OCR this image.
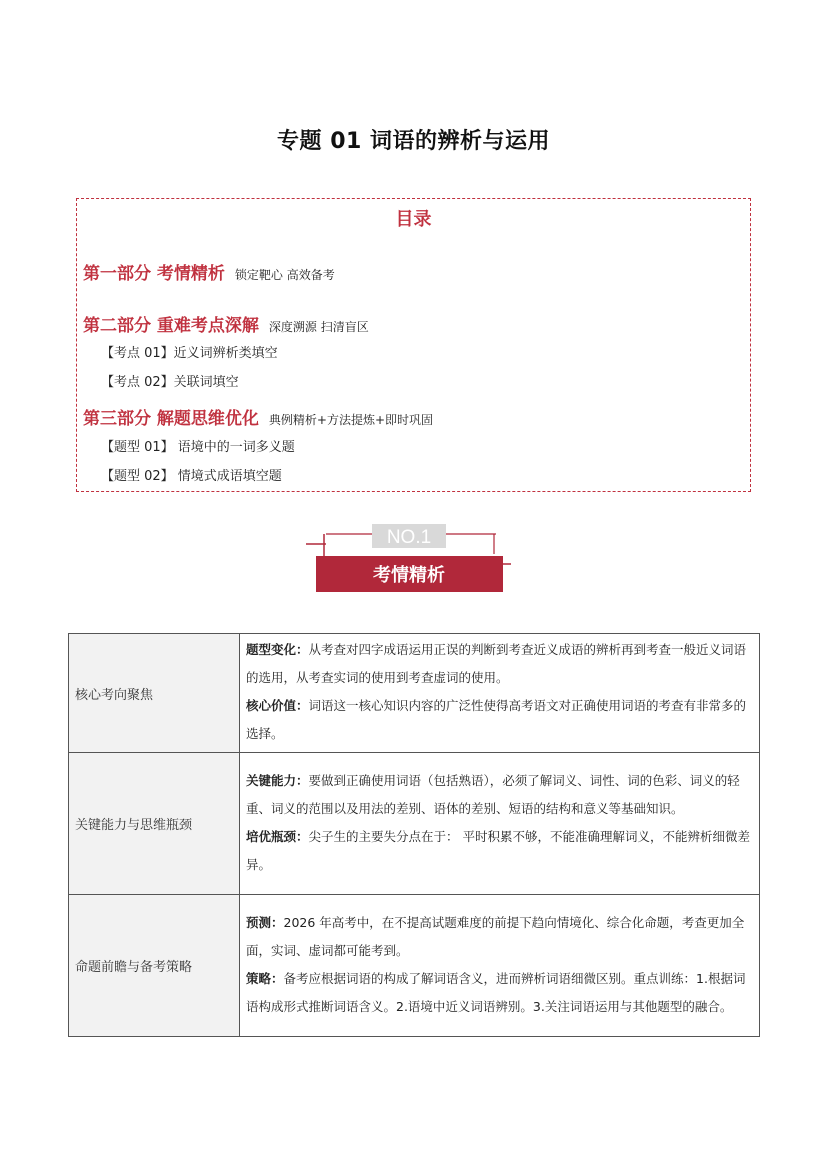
专题 01 词语的辨析与运用
目录
第一部分 考情精析 锁定靶心 高效备考
第二部分 重难考点深解 深度溯源 扫清盲区
【考点 01】近义词辨析类填空
【考点 02】关联词填空
第三部分 解题思维优化 典例精析+方法提炼+即时巩固
【题型 01】 语境中的一词多义题
【题型 02】 情境式成语填空题
NO.1
考情精析
核心考向聚焦	题型变化：从考查对四字成语运用正误的判断到考查近义成语的辨析再到考查一般近义词语的选用，从考查实词的使用到考查虚词的使用。

核心价值：词语这一核心知识内容的广泛性使得高考语文对正确使用词语的考查有非常多的选择。

关键能力与思维瓶颈	关键能力：要做到正确使用词语（包括熟语），必须了解词义、词性、词的色彩、词义的轻重、词义的范围以及用法的差别、语体的差别、短语的结构和意义等基础知识。

培优瓶颈：尖子生的主要失分点在于： 平时积累不够，不能准确理解词义，不能辨析细微差异。

命题前瞻与备考策略	预测：2026 年高考中，在不提高试题难度的前提下趋向情境化、综合化命题，考查更加全面，实词、虚词都可能考到。

策略：备考应根据词语的构成了解词语含义，进而辨析词语细微区别。重点训练：1.根据词语构成形式推断词语含义。2.语境中近义词语辨别。3.关注词语运用与其他题型的融合。
